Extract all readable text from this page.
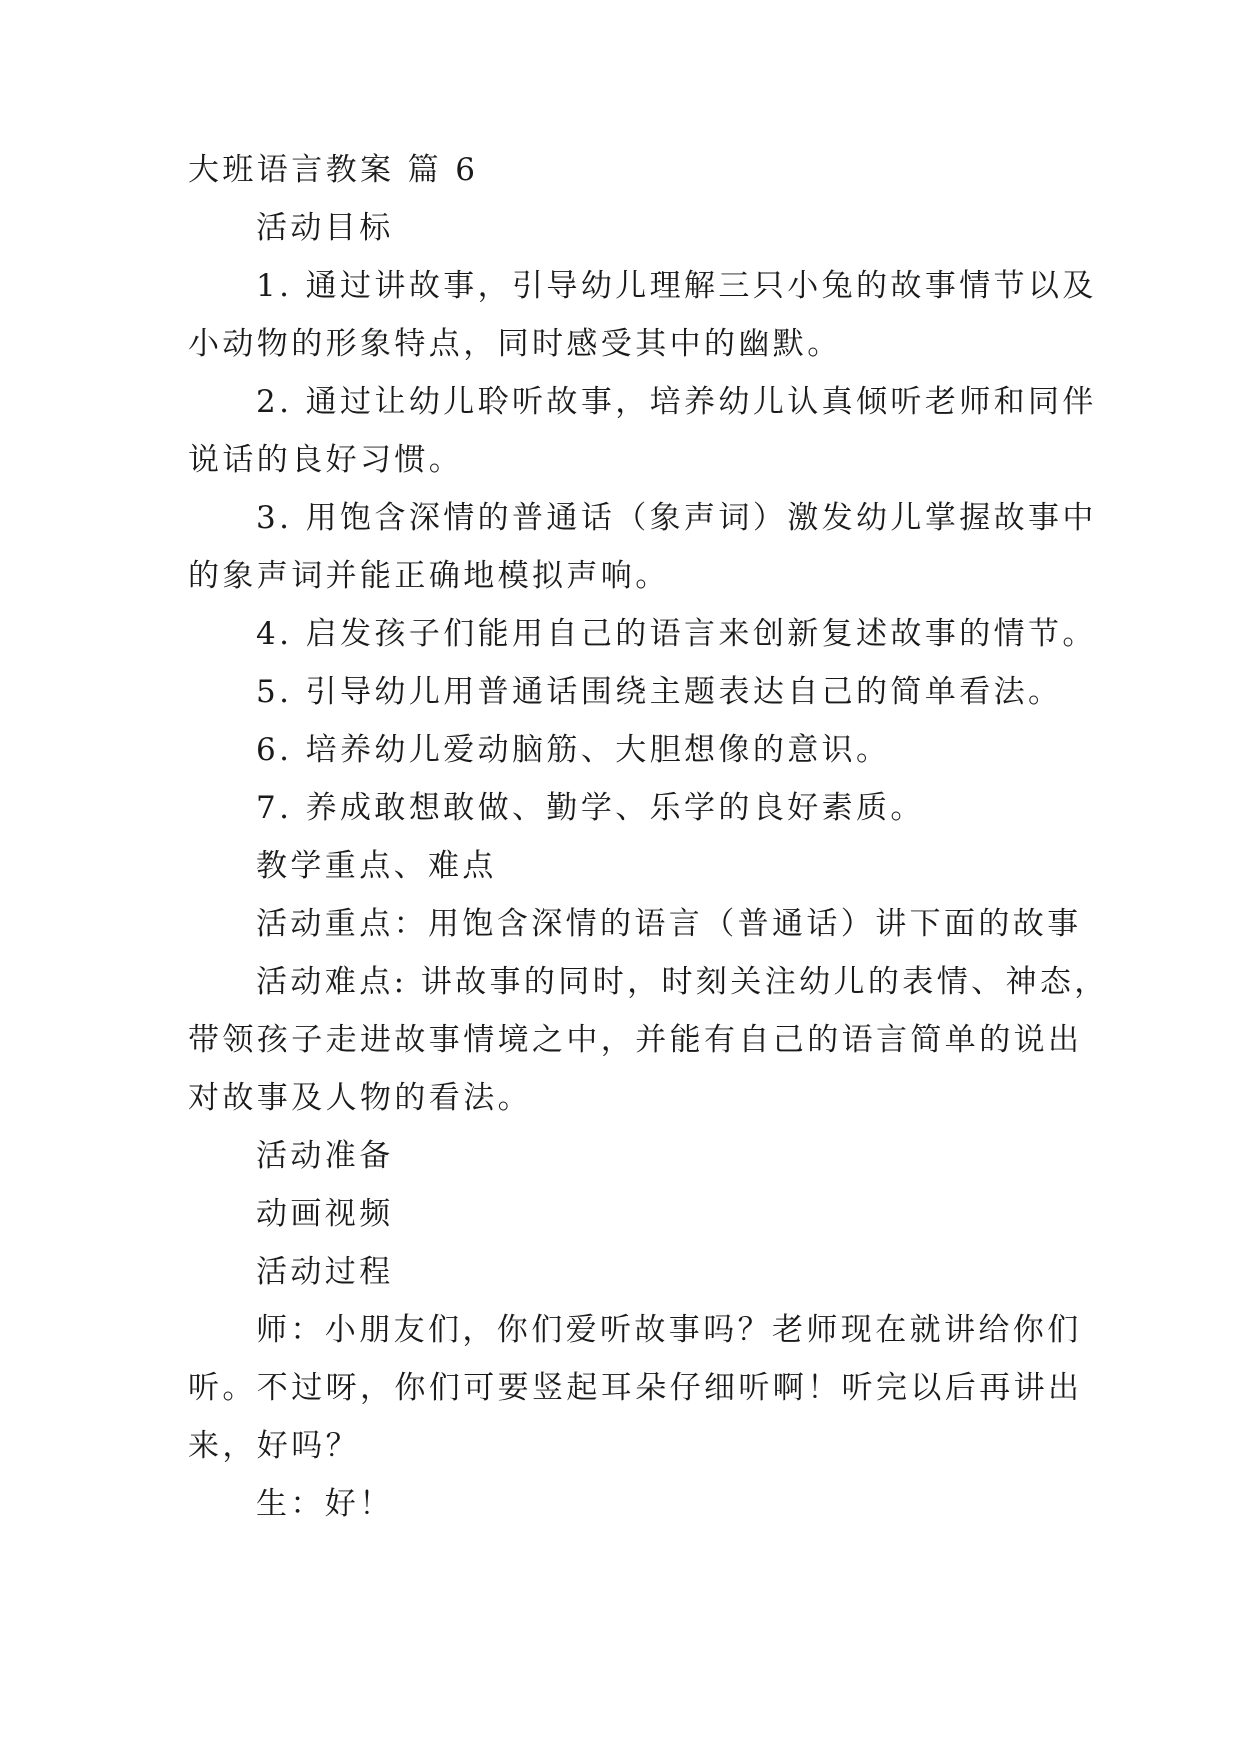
大班语言教案 篇 6
活动目标
1. 通过讲故事，引导幼儿理解三只小兔的故事情节以及
小动物的形象特点，同时感受其中的幽默。
2. 通过让幼儿聆听故事，培养幼儿认真倾听老师和同伴
说话的良好习惯。
3. 用饱含深情的普通话（象声词）激发幼儿掌握故事中
的象声词并能正确地模拟声响。
4. 启发孩子们能用自己的语言来创新复述故事的情节。
5. 引导幼儿用普通话围绕主题表达自己的简单看法。
6. 培养幼儿爱动脑筋、大胆想像的意识。
7. 养成敢想敢做、勤学、乐学的良好素质。
教学重点、难点
活动重点：用饱含深情的语言（普通话）讲下面的故事
活动难点: 讲故事的同时，时刻关注幼儿的表情、神态，
带领孩子走进故事情境之中，并能有自己的语言简单的说出
对故事及人物的看法。
活动准备
动画视频
活动过程
师：小朋友们，你们爱听故事吗？老师现在就讲给你们
听。不过呀，你们可要竖起耳朵仔细听啊！听完以后再讲出
来，好吗？
生：好！
